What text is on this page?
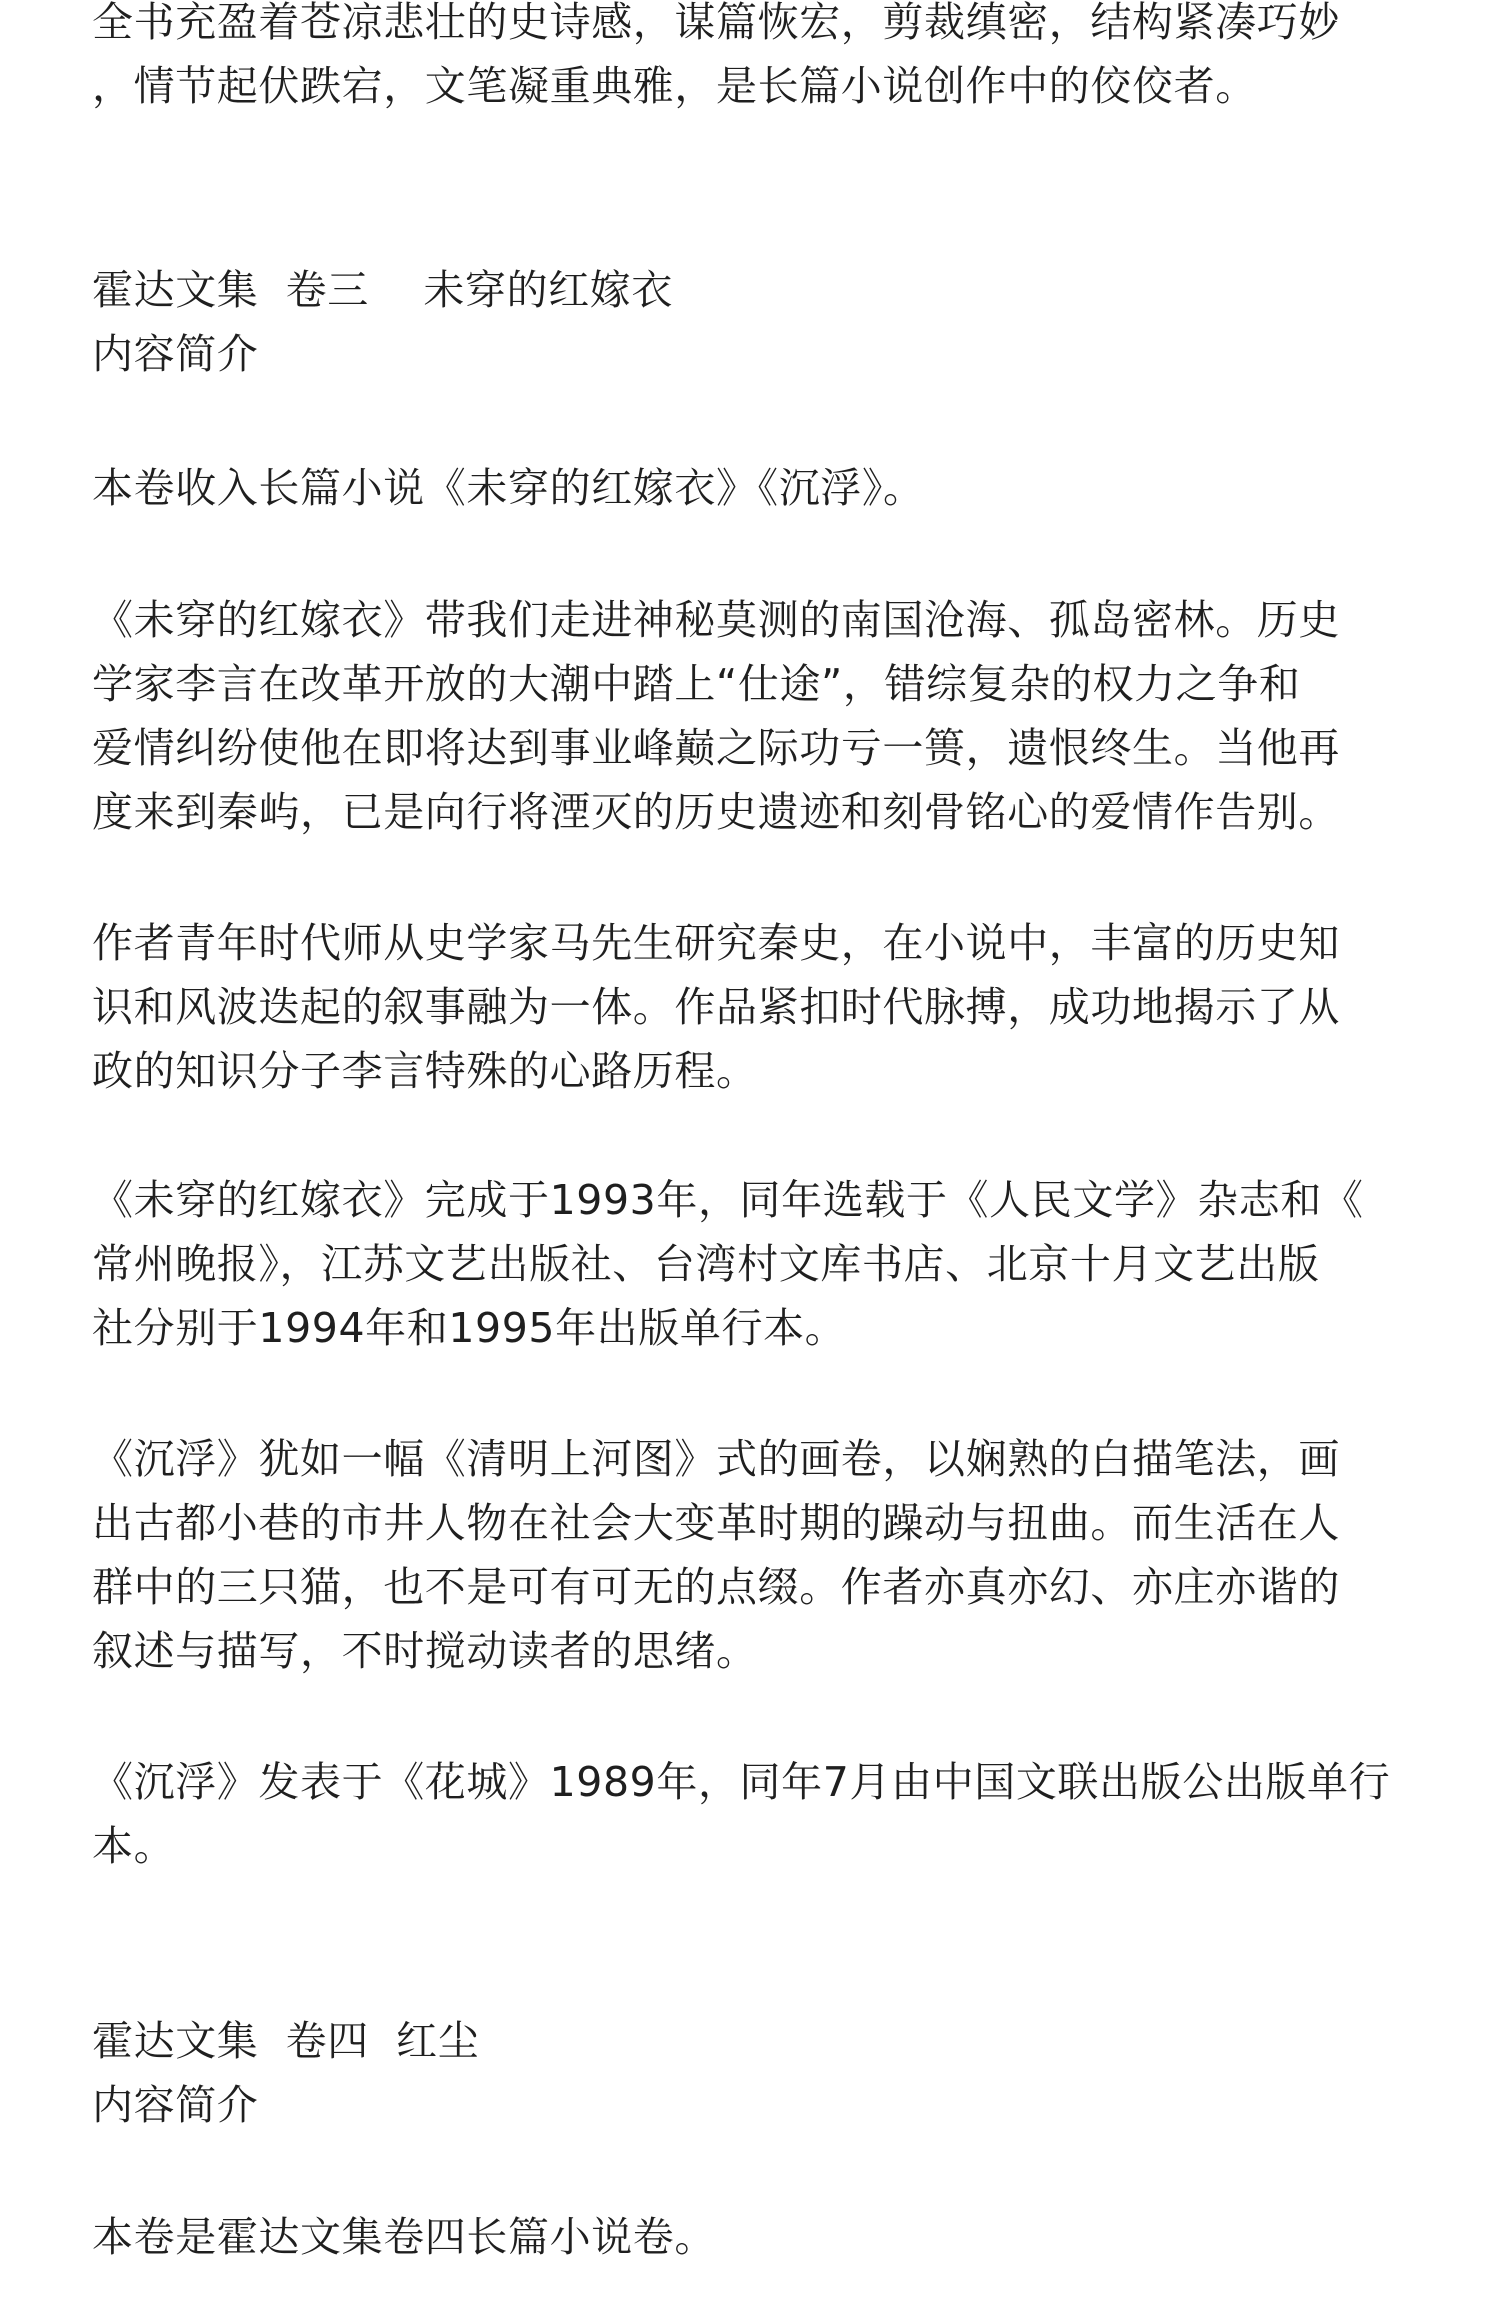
全书充盈着苍凉悲壮的史诗感，谋篇恢宏，剪裁缜密，结构紧凑巧妙
，情节起伏跌宕，文笔凝重典雅，是长篇小说创作中的佼佼者。

霍达文集  卷三    未穿的红嫁衣
内容简介

本卷收入长篇小说《未穿的红嫁衣》《沉浮》。

《未穿的红嫁衣》带我们走进神秘莫测的南国沧海、孤岛密林。历史
学家李言在改革开放的大潮中踏上“仕途”，错综复杂的权力之争和
爱情纠纷使他在即将达到事业峰巅之际功亏一篑，遗恨终生。当他再
度来到秦屿，已是向行将湮灭的历史遗迹和刻骨铭心的爱情作告别。

作者青年时代师从史学家马先生研究秦史，在小说中，丰富的历史知
识和风波迭起的叙事融为一体。作品紧扣时代脉搏，成功地揭示了从
政的知识分子李言特殊的心路历程。

《未穿的红嫁衣》完成于1993年，同年选载于《人民文学》杂志和《
常州晚报》，江苏文艺出版社、台湾村文库书店、北京十月文艺出版
社分别于1994年和1995年出版单行本。

《沉浮》犹如一幅《清明上河图》式的画卷，以娴熟的白描笔法，画
出古都小巷的市井人物在社会大变革时期的躁动与扭曲。而生活在人
群中的三只猫，也不是可有可无的点缀。作者亦真亦幻、亦庄亦谐的
叙述与描写，不时搅动读者的思绪。

《沉浮》发表于《花城》1989年，同年7月由中国文联出版公出版单行
本。

霍达文集  卷四  红尘
内容简介

本卷是霍达文集卷四长篇小说卷。
